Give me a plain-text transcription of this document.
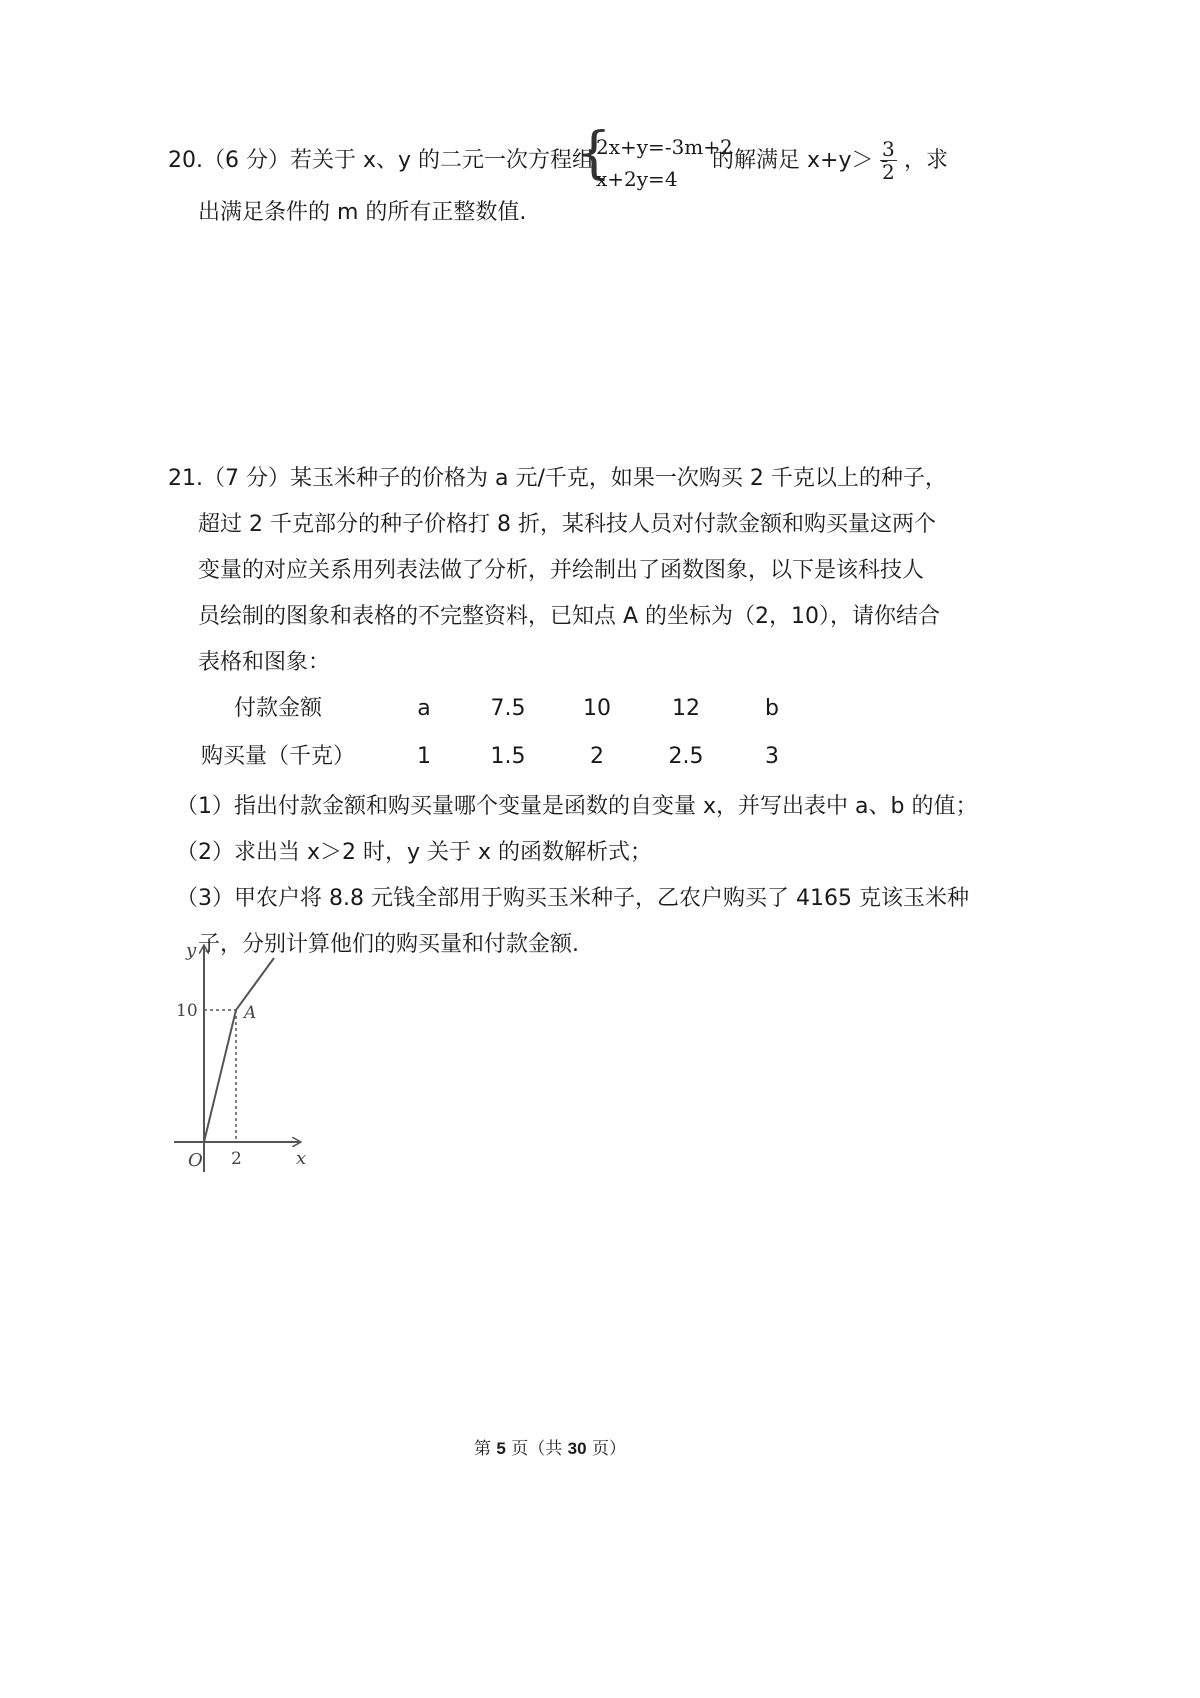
20.（6 分）若关于 x、y 的二元一次方程组
{
2x+y=-3m+2
x+2y=4
的解满足 x+y＞ -
$\frac{3}{2}$ ，求
出满足条件的 m 的所有正整数值.
21.（7 分）某玉米种子的价格为 a 元/千克，如果一次购买 2 千克以上的种子，
超过 2 千克部分的种子价格打 8 折，某科技人员对付款金额和购买量这两个
变量的对应关系用列表法做了分析，并绘制出了函数图象，以下是该科技人
员绘制的图象和表格的不完整资料，已知点 A 的坐标为（2，10），请你结合
表格和图象：
付款金额	a	7.5	10	12	b
购买量（千克）	1	1.5	2	2.5	3
（1）指出付款金额和购买量哪个变量是函数的自变量 x，并写出表中 a、b 的值；
（2）求出当 x＞2 时，y 关于 x 的函数解析式；
（3）甲农户将 8.8 元钱全部用于购买玉米种子，乙农户购买了 4165 克该玉米种
子，分别计算他们的购买量和付款金额.
y
x
O
10
2
A
第 5 页（共 30 页）
